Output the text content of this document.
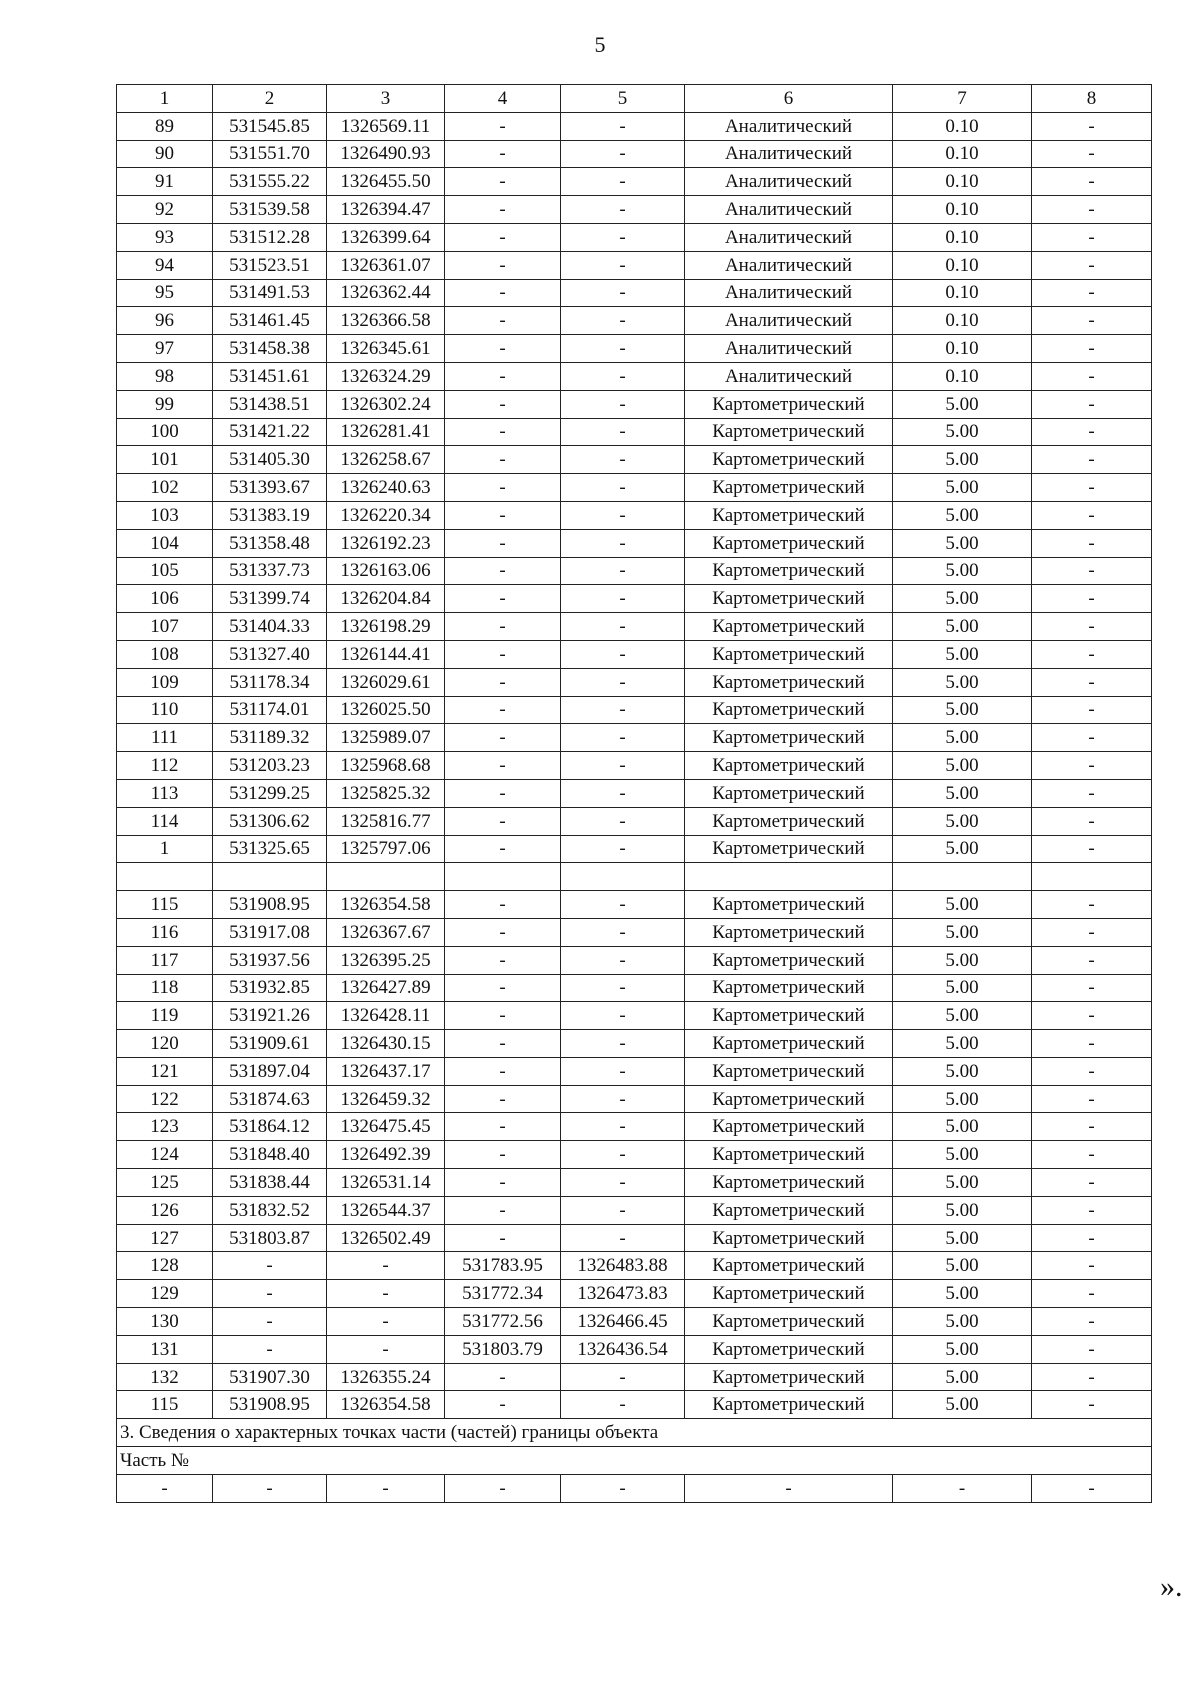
5
1	2	3	4	5	6	7	8
89	531545.85	1326569.11	-	-	Аналитический	0.10	-
90	531551.70	1326490.93	-	-	Аналитический	0.10	-
91	531555.22	1326455.50	-	-	Аналитический	0.10	-
92	531539.58	1326394.47	-	-	Аналитический	0.10	-
93	531512.28	1326399.64	-	-	Аналитический	0.10	-
94	531523.51	1326361.07	-	-	Аналитический	0.10	-
95	531491.53	1326362.44	-	-	Аналитический	0.10	-
96	531461.45	1326366.58	-	-	Аналитический	0.10	-
97	531458.38	1326345.61	-	-	Аналитический	0.10	-
98	531451.61	1326324.29	-	-	Аналитический	0.10	-
99	531438.51	1326302.24	-	-	Картометрический	5.00	-
100	531421.22	1326281.41	-	-	Картометрический	5.00	-
101	531405.30	1326258.67	-	-	Картометрический	5.00	-
102	531393.67	1326240.63	-	-	Картометрический	5.00	-
103	531383.19	1326220.34	-	-	Картометрический	5.00	-
104	531358.48	1326192.23	-	-	Картометрический	5.00	-
105	531337.73	1326163.06	-	-	Картометрический	5.00	-
106	531399.74	1326204.84	-	-	Картометрический	5.00	-
107	531404.33	1326198.29	-	-	Картометрический	5.00	-
108	531327.40	1326144.41	-	-	Картометрический	5.00	-
109	531178.34	1326029.61	-	-	Картометрический	5.00	-
110	531174.01	1326025.50	-	-	Картометрический	5.00	-
111	531189.32	1325989.07	-	-	Картометрический	5.00	-
112	531203.23	1325968.68	-	-	Картометрический	5.00	-
113	531299.25	1325825.32	-	-	Картометрический	5.00	-
114	531306.62	1325816.77	-	-	Картометрический	5.00	-
1	531325.65	1325797.06	-	-	Картометрический	5.00	-

115	531908.95	1326354.58	-	-	Картометрический	5.00	-
116	531917.08	1326367.67	-	-	Картометрический	5.00	-
117	531937.56	1326395.25	-	-	Картометрический	5.00	-
118	531932.85	1326427.89	-	-	Картометрический	5.00	-
119	531921.26	1326428.11	-	-	Картометрический	5.00	-
120	531909.61	1326430.15	-	-	Картометрический	5.00	-
121	531897.04	1326437.17	-	-	Картометрический	5.00	-
122	531874.63	1326459.32	-	-	Картометрический	5.00	-
123	531864.12	1326475.45	-	-	Картометрический	5.00	-
124	531848.40	1326492.39	-	-	Картометрический	5.00	-
125	531838.44	1326531.14	-	-	Картометрический	5.00	-
126	531832.52	1326544.37	-	-	Картометрический	5.00	-
127	531803.87	1326502.49	-	-	Картометрический	5.00	-
128	-	-	531783.95	1326483.88	Картометрический	5.00	-
129	-	-	531772.34	1326473.83	Картометрический	5.00	-
130	-	-	531772.56	1326466.45	Картометрический	5.00	-
131	-	-	531803.79	1326436.54	Картометрический	5.00	-
132	531907.30	1326355.24	-	-	Картометрический	5.00	-
115	531908.95	1326354.58	-	-	Картометрический	5.00	-
3. Сведения о характерных точках части (частей) границы объекта							
Часть №							
-	-	-	-	-	-	-	-
».
